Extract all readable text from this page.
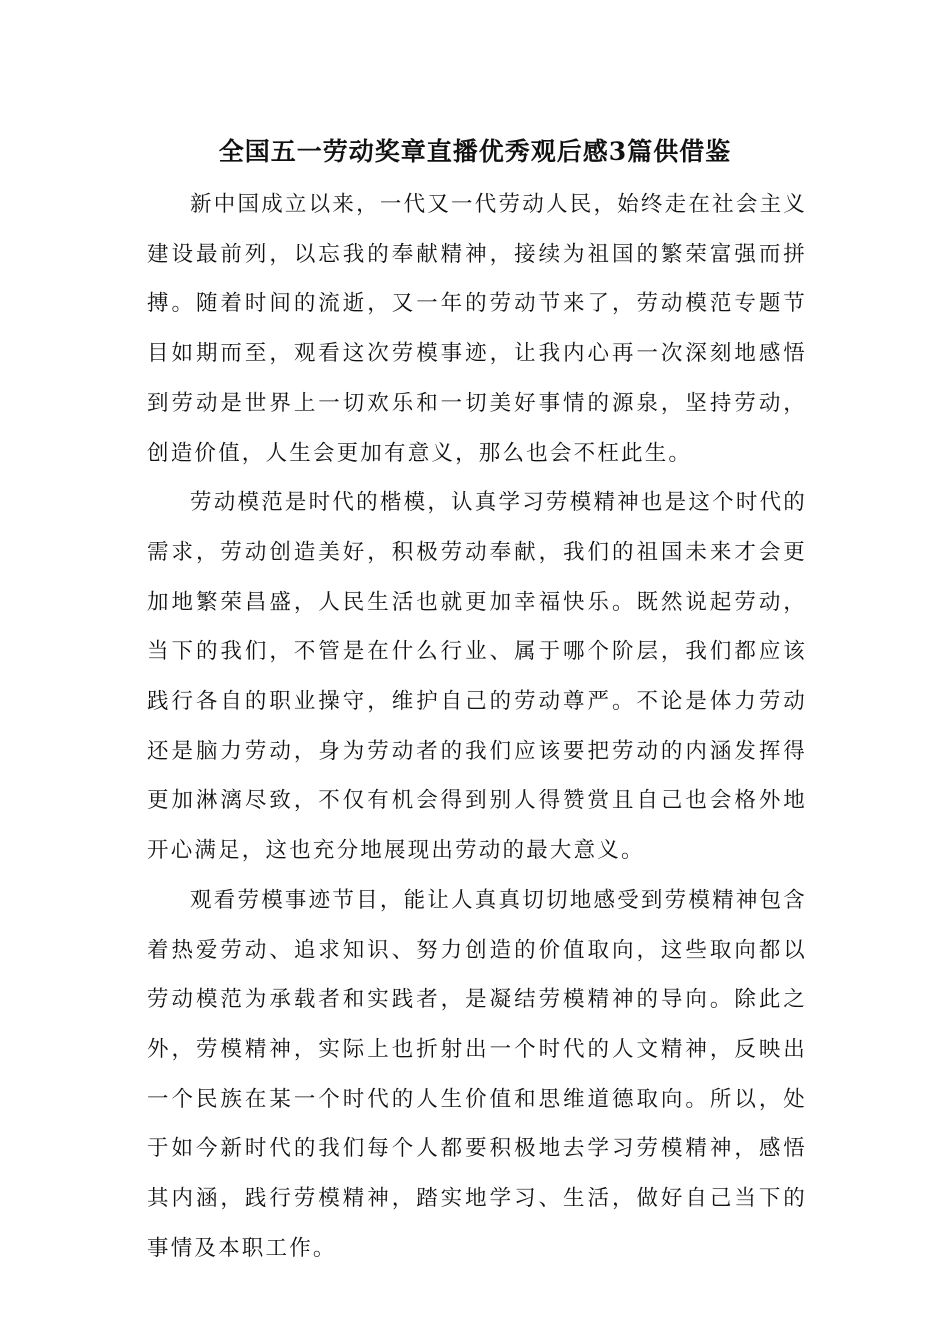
全国五一劳动奖章直播优秀观后感3篇供借鉴

新中国成立以来，一代又一代劳动人民，始终走在社会主义建设最前列，以忘我的奉献精神，接续为祖国的繁荣富强而拼搏。随着时间的流逝，又一年的劳动节来了，劳动模范专题节目如期而至，观看这次劳模事迹，让我内心再一次深刻地感悟到劳动是世界上一切欢乐和一切美好事情的源泉，坚持劳动，创造价值，人生会更加有意义，那么也会不枉此生。

劳动模范是时代的楷模，认真学习劳模精神也是这个时代的需求，劳动创造美好，积极劳动奉献，我们的祖国未来才会更加地繁荣昌盛，人民生活也就更加幸福快乐。既然说起劳动，当下的我们，不管是在什么行业、属于哪个阶层，我们都应该践行各自的职业操守，维护自己的劳动尊严。不论是体力劳动还是脑力劳动，身为劳动者的我们应该要把劳动的内涵发挥得更加淋漓尽致，不仅有机会得到别人得赞赏且自己也会格外地开心满足，这也充分地展现出劳动的最大意义。

观看劳模事迹节目，能让人真真切切地感受到劳模精神包含着热爱劳动、追求知识、努力创造的价值取向，这些取向都以劳动模范为承载者和实践者，是凝结劳模精神的导向。除此之外，劳模精神，实际上也折射出一个时代的人文精神，反映出一个民族在某一个时代的人生价值和思维道德取向。所以，处于如今新时代的我们每个人都要积极地去学习劳模精神，感悟其内涵，践行劳模精神，踏实地学习、生活，做好自己当下的事情及本职工作。
